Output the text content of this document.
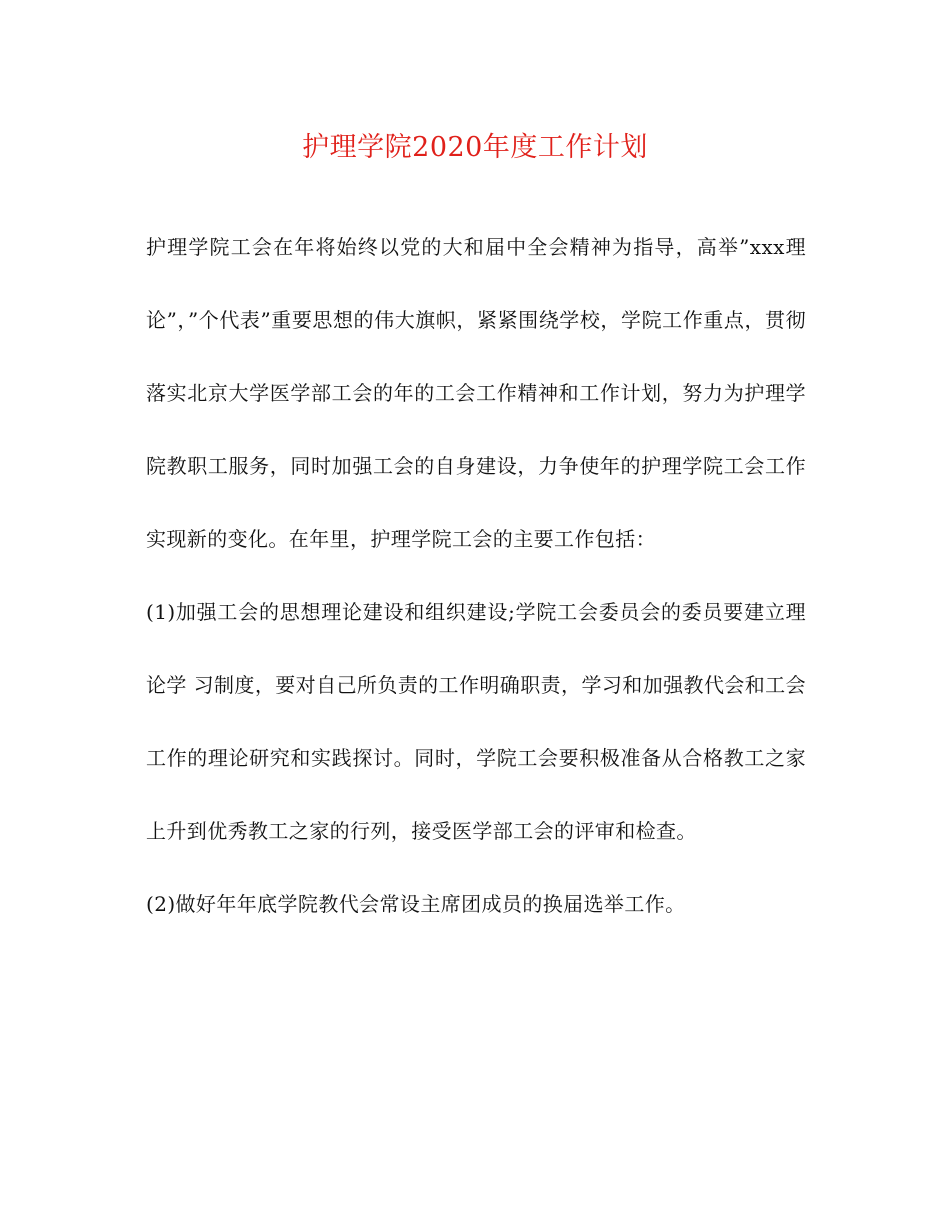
护理学院2020年度工作计划

护理学院工会在年将始终以党的大和届中全会精神为指导，高举”xxx理论”，”个代表”重要思想的伟大旗帜，紧紧围绕学校，学院工作重点，贯彻落实北京大学医学部工会的年的工会工作精神和工作计划，努力为护理学院教职工服务，同时加强工会的自身建设，力争使年的护理学院工会工作实现新的变化。在年里，护理学院工会的主要工作包括：

(1)加强工会的思想理论建设和组织建设;学院工会委员会的委员要建立理论学 习制度，要对自己所负责的工作明确职责，学习和加强教代会和工会工作的理论研究和实践探讨。同时，学院工会要积极准备从合格教工之家上升到优秀教工之家的行列，接受医学部工会的评审和检查。

(2)做好年年底学院教代会常设主席团成员的换届选举工作。
